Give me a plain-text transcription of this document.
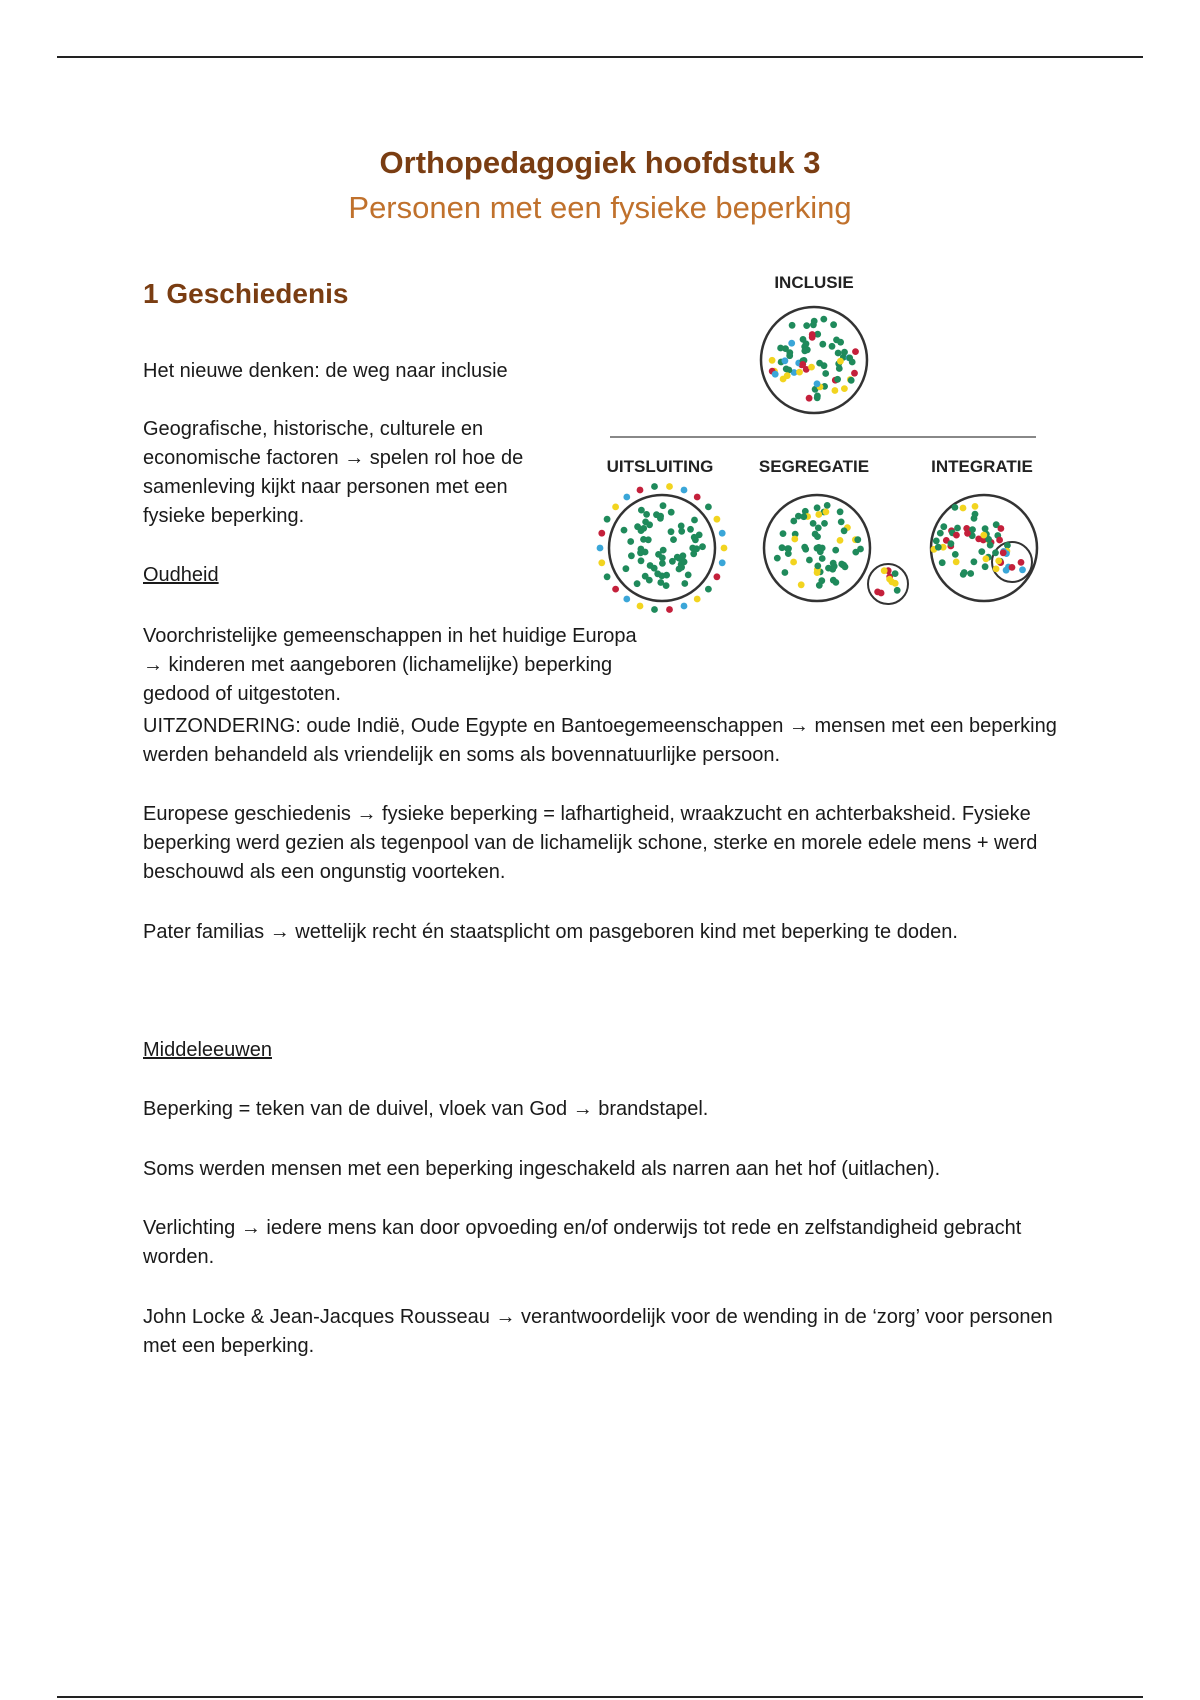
Orthopedagogiek hoofdstuk 3
Personen met een fysieke beperking
1 Geschiedenis

Het nieuwe denken: de weg naar inclusie

Geografische, historische, culturele en economische factoren → spelen rol hoe de samenleving kijkt naar personen met een fysieke beperking.

Oudheid

Voorchristelijke gemeenschappen in het huidige Europa → kinderen met aangeboren (lichamelijke) beperking gedood of uitgestoten.

UITZONDERING: oude Indië, Oude Egypte en Bantoegemeenschappen → mensen met een beperking werden behandeld als vriendelijk en soms als bovennatuurlijke persoon.

Europese geschiedenis → fysieke beperking = lafhartigheid, wraakzucht en achterbaksheid. Fysieke beperking werd gezien als tegenpool van de lichamelijk schone, sterke en morele edele mens + werd beschouwd als een ongunstig voorteken.

Pater familias → wettelijk recht én staatsplicht om pasgeboren kind met beperking te doden.

Middeleeuwen

Beperking = teken van de duivel, vloek van God → brandstapel.

Soms werden mensen met een beperking ingeschakeld als narren aan het hof (uitlachen).

Verlichting → iedere mens kan door opvoeding en/of onderwijs tot rede en zelfstandigheid gebracht worden.

John Locke & Jean-Jacques Rousseau → verantwoordelijk voor de wending in de ‘zorg’ voor personen met een beperking.

INCLUSIE
UITSLUITING	SEGREGATIE	INTEGRATIE
